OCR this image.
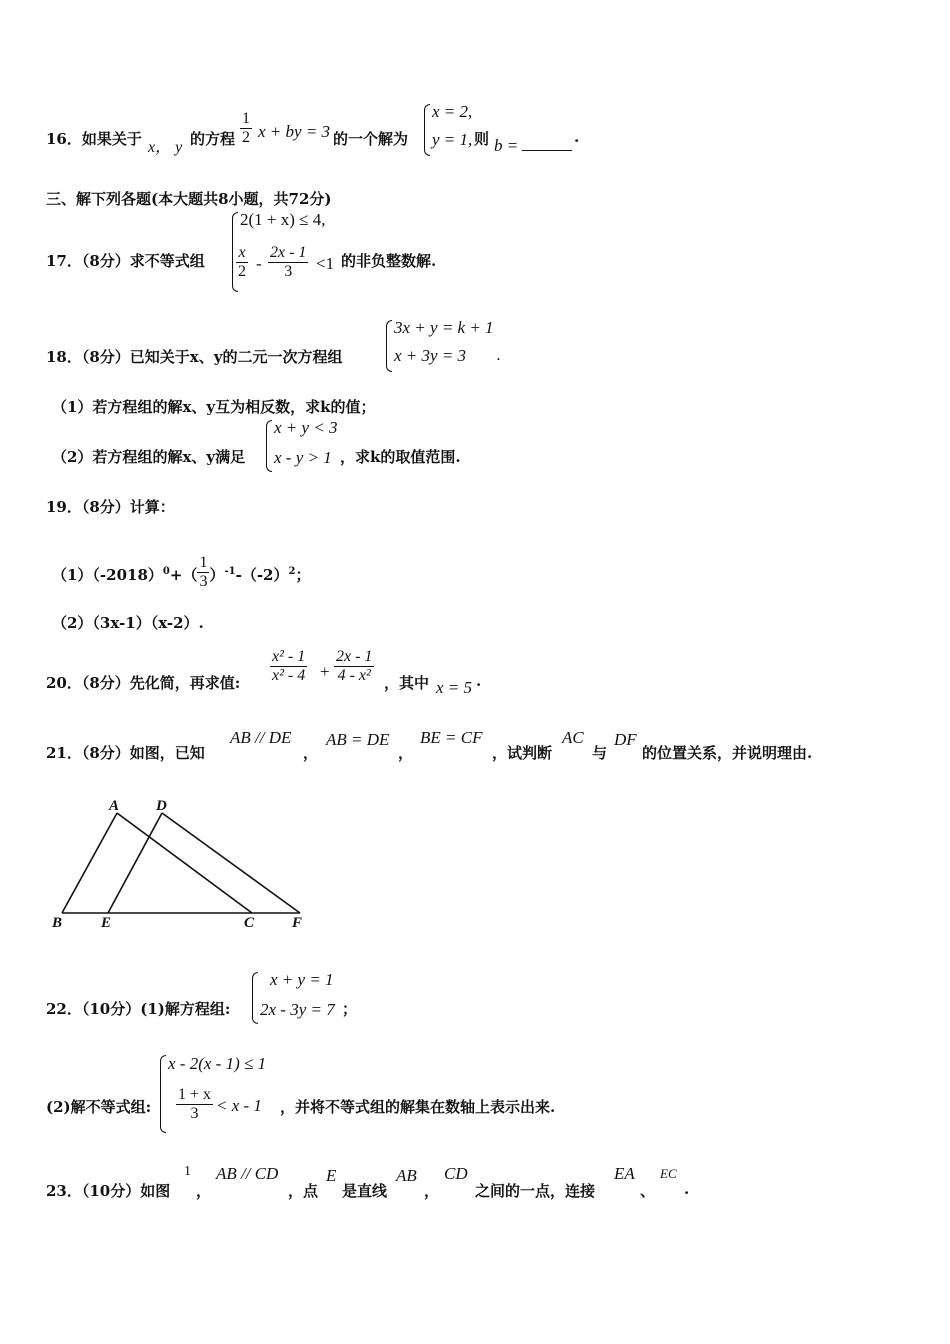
16．如果关于 x， y 的方程 $\frac{1}{2}$ x + by = 3 的一个解为
x = 2,
y = 1, 则 b =	.
三、解下列各题(本大题共8小题，共72分)
17．（8分）求不等式组
2(1 + x) ≤ 4,
$\frac{x}{2} - \frac{2x - 1}{3} <1$ 的非负整数解.
18．（8分）已知关于x、y的二元一次方程组
3x + y = k + 1
x + 3y = 3 .
（1）若方程组的解x、y互为相反数，求k的值；
（2）若方程组的解x、y满足
x + y < 3
x - y > 1 ，求k的取值范围.
19．（8分）计算：
$(1)(-2018)^0+( \frac{1}{3} )^{-1}-(-2)^2$；
（2）（3x-1）（x-2）.
20．（8分）先化简，再求值: $\frac{\text{x² - 1}}{\text{x² - 4}} + \frac{2x - 1}{\text{4 - x²}}$ ，其中 x = 5 .
21．（8分）如图，已知
AB // DE
，
AB = DE
，
BE = CF
，试判断
AC
与
DF
的位置关系，并说明理由.
A D
B	E	C	F
22．（10分）(1)解方程组:
x + y = 1
2x - 3y = 7 ；
(2)解不等式组:
x - 2(x - 1) ≤ 1
$\frac{1 + x}{3} < x - 1$ ，并将不等式组的解集在数轴上表示出来.
23．（10分）如图
1
，
AB // CD
，点
E
是直线
AB
，
CD
之间的一点，连接
EA
、
EC
.
